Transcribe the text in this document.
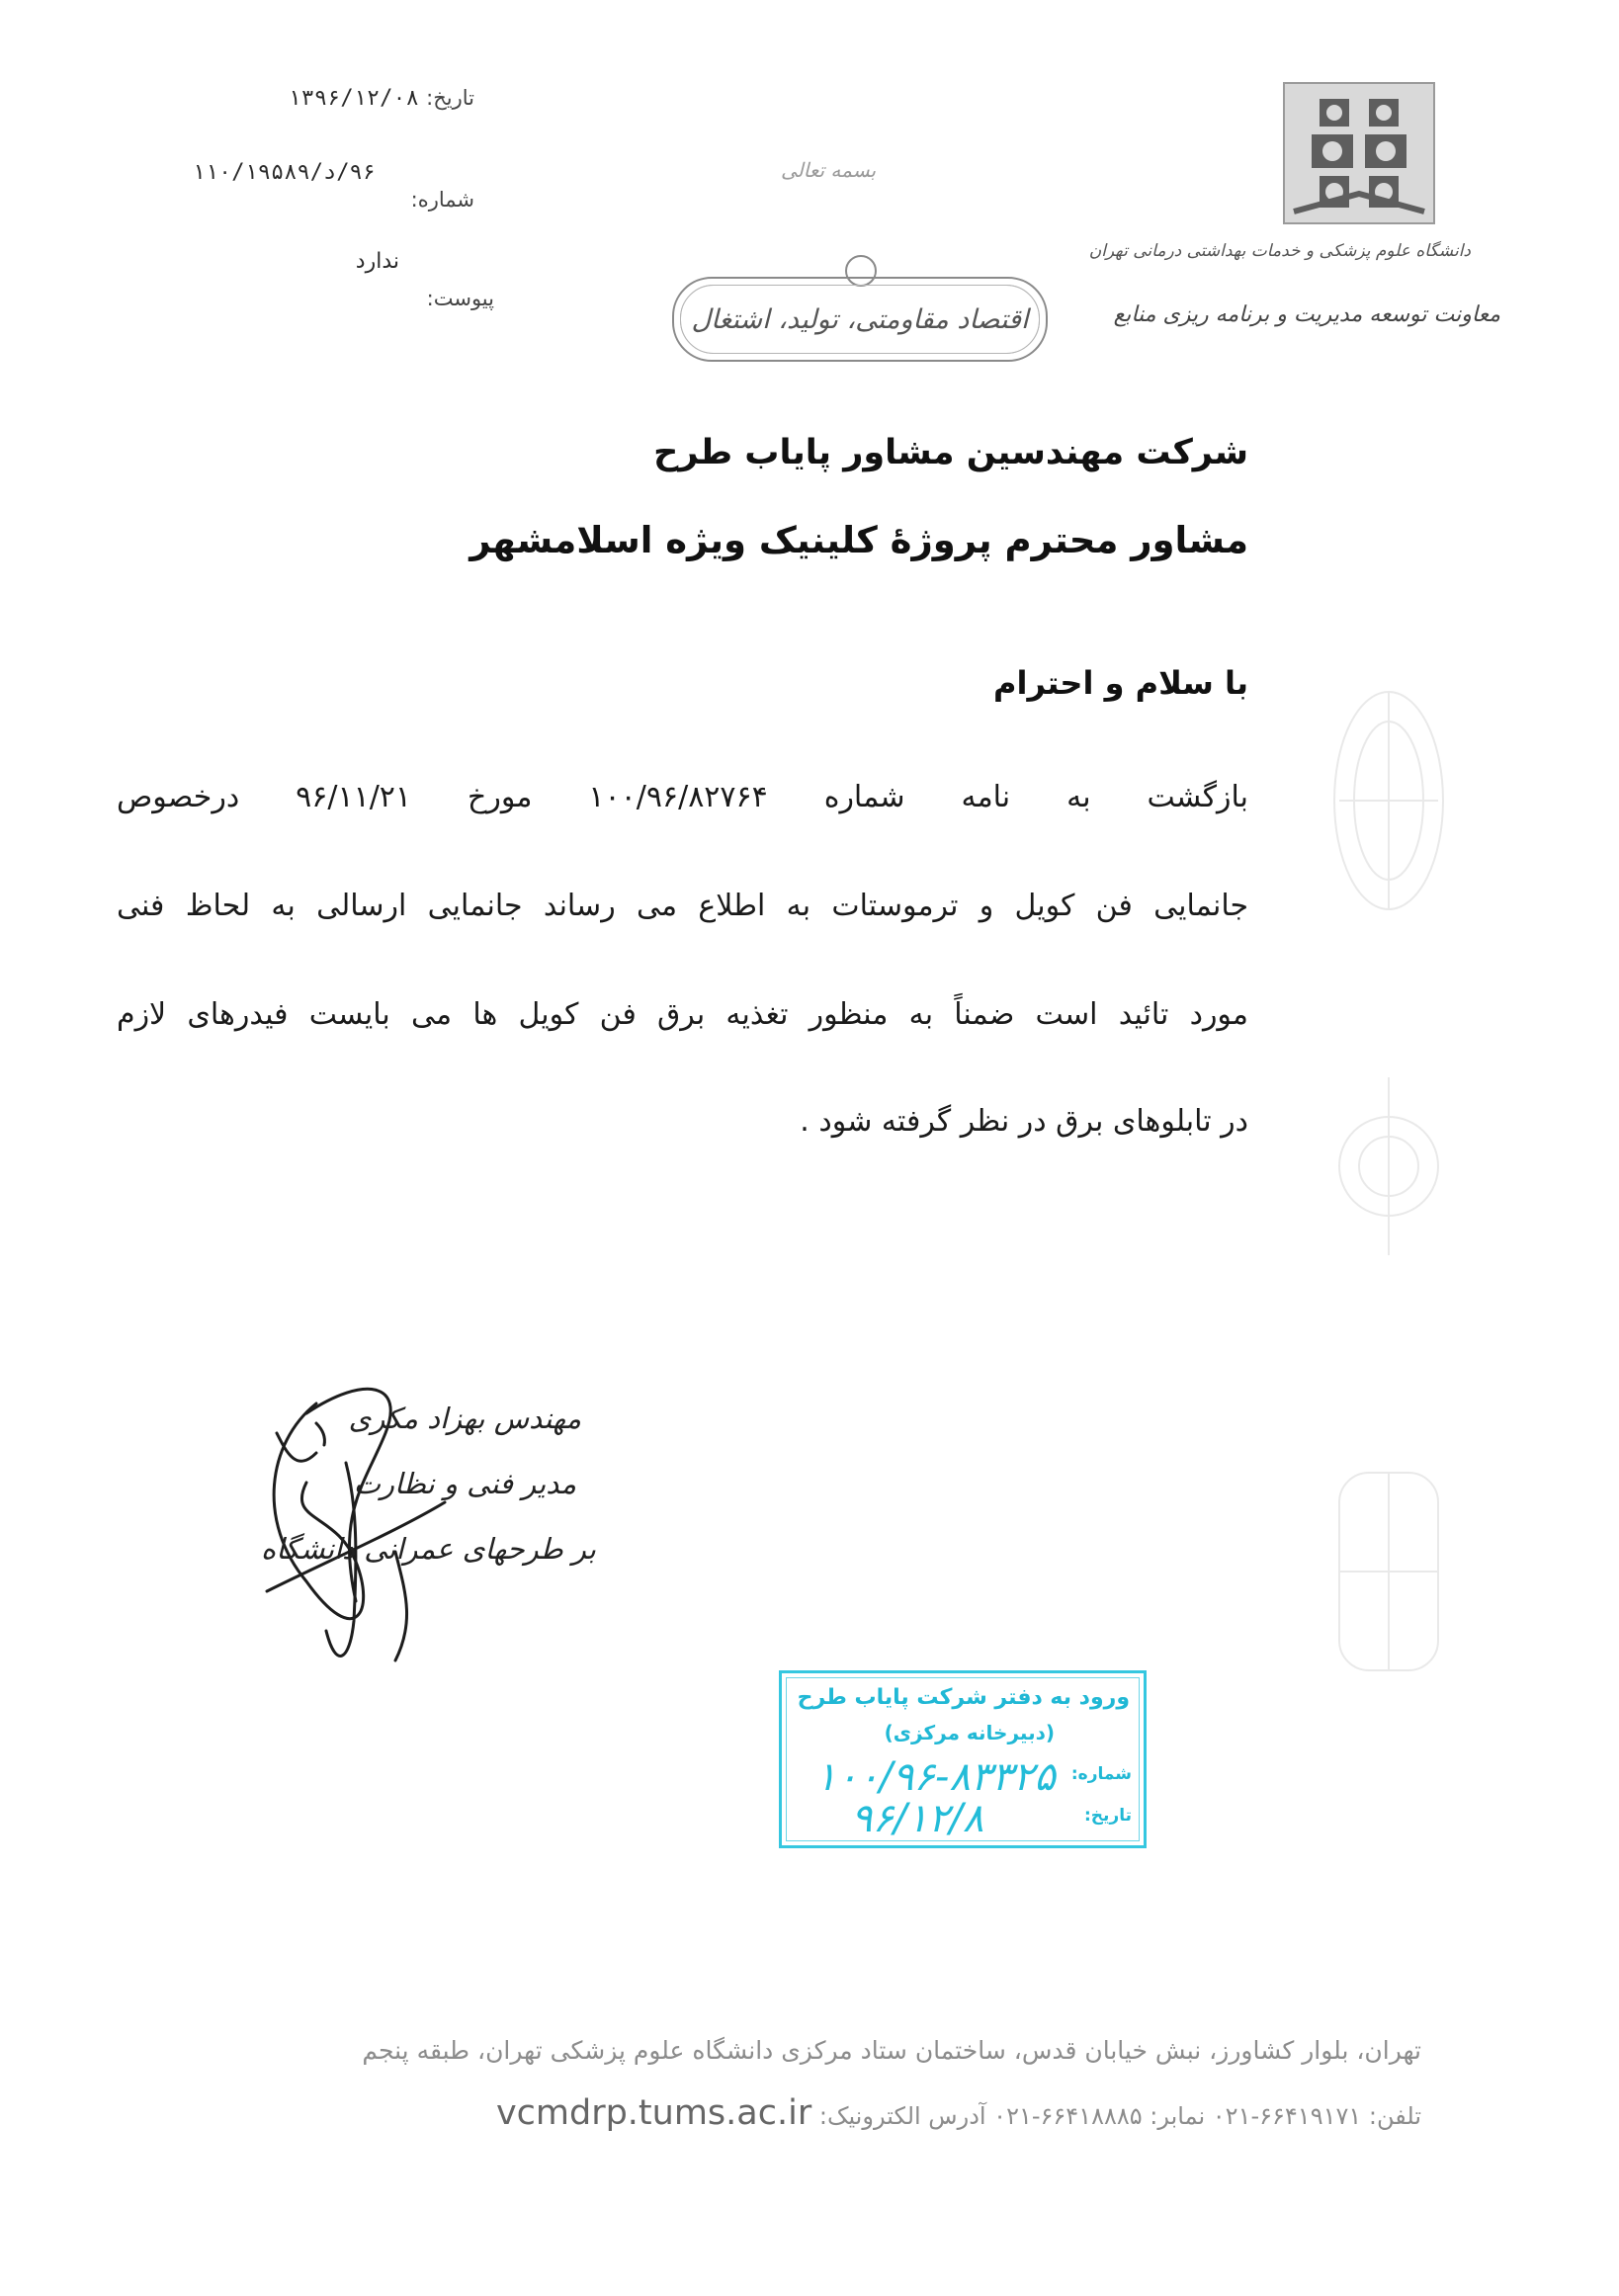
تاریخ: ۱۳۹۶/۱۲/۰۸
۹۶/د/۱۱۰/۱۹۵۸۹
شماره:
ندارد
پیوست:
بسمه تعالی
اقتصاد مقاومتی، تولید، اشتغال
دانشگاه علوم پزشکی و خدمات بهداشتی درمانی تهران
معاونت توسعه مدیریت و برنامه ریزی منابع
شرکت مهندسین مشاور پایاب طرح
مشاور محترم پروژۀ کلینیک ویژه اسلامشهر
با سلام و احترام
بازگشت به نامه شماره ۱۰۰/۹۶/۸۲۷۶۴ مورخ ۹۶/۱۱/۲۱ درخصوص
جانمایی فن کویل و ترموستات به اطلاع می رساند جانمایی ارسالی به لحاظ فنی
مورد تائید است ضمناً به منظور تغذیه برق فن کویل ها می بایست فیدرهای لازم
در تابلوهای برق در نظر گرفته شود .
مهندس بهزاد مکری
مدیر فنی و نظارت
بر طرحهای عمرانی دانشگاه
ورود به دفتر شرکت پایاب طرح
(دبیرخانه مرکزی)
شماره:
۱۰۰/۹۶-۸۳۳۲۵
تاریخ:
۹۶/۱۲/۸
تهران، بلوار کشاورز، نبش خیابان قدس، ساختمان ستاد مرکزی دانشگاه علوم پزشکی تهران، طبقه پنجم
تلفن: ۶۶۴۱۹۱۷۱-۰۲۱ نمابر: ۶۶۴۱۸۸۸۵-۰۲۱ آدرس الکترونیک: vcmdrp.tums.ac.ir
